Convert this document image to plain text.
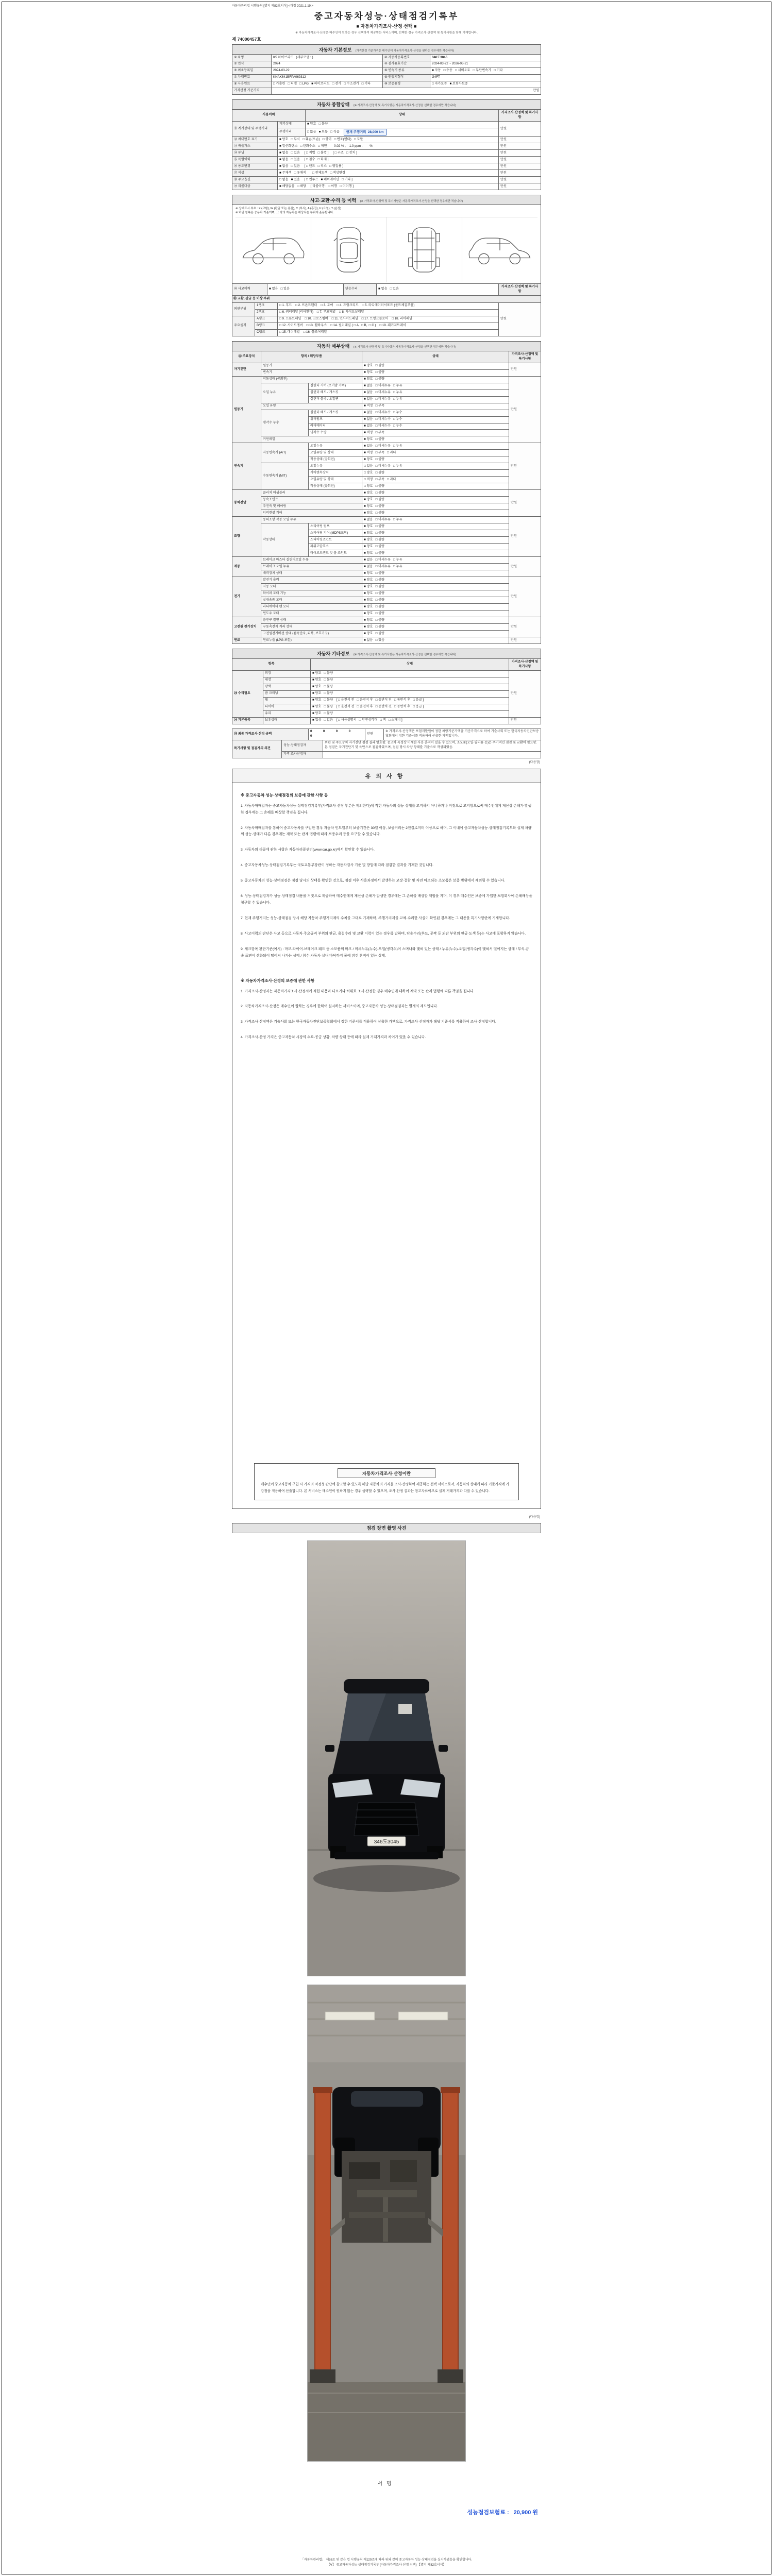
자동차관리법 시행규칙 [별지 제82호서식] <개정 2021.1.19.>
중고자동차성능·상태점검기록부
■ 자동차가격조사·산정 선택 ■
※ 자동차가격조사·산정은 매수인이 원하는 경우 선택하여 제공받는 서비스이며, 선택한 경우 가격조사·산정액 및 특기사항을 함께 기재합니다.
제 74000457호
자동차 기본정보 (가격산정 기준가격은 매수인이 자동차가격조사·산정을 원하는 경우에만 적습니다)
① 차명	K5 하이브리드   (세부모델 : )	② 자동차등록번호	346도3045
③ 연식	2024	④ 검사유효기간	2024-03-22 ~ 2026-03-21
⑤ 최초등록일	2024-03-22	⑥ 변속기 종류	■ 자동   □ 수동   □ 세미오토   □ 무단변속기   □ 기타
⑦ 차대번호	KNAK641BFPA069312	⑧ 원동기형식	G4FT
⑨ 사용연료	□ 가솔린   □ 디젤   □ LPG   ■ 하이브리드   □ 전기   □ 수소전기   □ 기타	⑩ 보증유형	□ 자가보증   ■ 보험사보증
가격산정 기준가격	만원		
자동차 종합상태 (※ 가격조사·산정액 및 특기사항은 자동차가격조사·산정을 선택한 경우에만 적습니다)
사용이력		상태	가격조사·산정액 및 특기사항
⑪ 계기상태 및 주행거리	계기상태	■ 양호   □ 불량	만원
	주행거리	□ 많음   ■ 보통   □ 적음 현재 주행거리  28,000 km	
⑫ 차대번호 표기	■ 양호   □ 부식   □ 훼손(오손)   □ 상이   □ 변조(변타)   □ 도말		만원
⑬ 배출가스	■ 일산화탄소   □ 탄화수소   □ 매연        0.02 % ,    1.0 ppm ,        %		만원
⑭ 튜닝	■ 없음   □ 있음     [ □ 적법   □ 불법 ]     [ □ 구조   □ 장치 ]		만원
⑮ 특별이력	■ 없음   □ 있음     [ □ 침수   □ 화재 ]		만원
⑯ 용도변경	■ 없음   □ 있음     [ □ 렌트   □ 리스   □ 영업용 ]		만원
⑰ 색상	■ 무채색   □ 유채색       □ 전체도색   □ 색상변경		만원
⑱ 주요옵션	□ 없음   ■ 있음     [ □ 썬루프   ■ 네비게이션   □ 기타 ]		만원
⑲ 리콜대상	■ 해당없음   □ 해당     [ 리콜이행 :  □ 이행   □ 미이행 ]		만원
사고·교환·수리 등 이력 (※ 가격조사·산정액 및 특기사항은 자동차가격조사·산정을 선택한 경우에만 적습니다)
※ 상태표시 부호 : X (교환), W (판금 또는 용접), C (부식), A (흠집), U (요철), T (손상)
※ 하단 항목은 승용차 기준이며, 그 밖의 자동차는 해당되는 부위에 준용합니다.
⑳ 사고이력	■ 없음   □ 있음	단순수리	■ 없음   □ 있음	가격조사·산정액 및 특기사항
㉑ 교환, 판금 등 이상 부위			
외판부위	1랭크	□ 1. 후드    □ 2. 프론트휀더    □ 3. 도어    □ 4. 트렁크리드    □ 5. 라디에이터서포트 (볼트체결부품)	만원
	2랭크	□ 6. 쿼터패널 (리어휀더)    □ 7. 루프패널    □ 8. 사이드실패널	
주요골격	A랭크	□ 9. 프론트패널    □ 10. 크로스멤버    □ 11. 인사이드패널    □ 17. 트렁크플로어    □ 18. 리어패널	
	B랭크	□ 12. 사이드멤버    □ 13. 휠하우스    □ 14. 필러패널 ( □ A,  □ B,  □ C )    □ 19. 패키지트레이	
	C랭크	□ 15. 대쉬패널    □ 16. 플로어패널	
자동차 세부상태 (※ 가격조사·산정액 및 특기사항은 자동차가격조사·산정을 선택한 경우에만 적습니다)
㉒ 주요장치	항목 / 해당부품		상태	가격조사·산정액 및 특기사항
자기진단	원동기		■ 양호   □ 불량	만원
	변속기		■ 양호   □ 불량	
원동기	작동상태 (공회전)		■ 양호   □ 불량	만원
	오일 누유	실린더 커버 (로커암 커버)	■ 없음   □ 미세누유   □ 누유	
		실린더 헤드 / 개스킷	■ 없음   □ 미세누유   □ 누유	
		실린더 블록 / 오일팬	■ 없음   □ 미세누유   □ 누유	
	오일 유량		■ 적정   □ 부족	
	냉각수 누수	실린더 헤드 / 개스킷	■ 없음   □ 미세누수   □ 누수	
		워터펌프	■ 없음   □ 미세누수   □ 누수	
		라디에이터	■ 없음   □ 미세누수   □ 누수	
		냉각수 수량	■ 적정   □ 부족	
	커먼레일		■ 양호   □ 불량	
변속기	자동변속기 (A/T)	오일누유	■ 없음   □ 미세누유   □ 누유	만원
		오일유량 및 상태	■ 적정   □ 부족   □ 과다	
		작동상태 (공회전)	■ 양호   □ 불량	
	수동변속기 (M/T)	오일누유	□ 없음   □ 미세누유   □ 누유	
		기어변속장치	□ 양호   □ 불량	
		오일유량 및 상태	□ 적정   □ 부족   □ 과다	
		작동상태 (공회전)	□ 양호   □ 불량	
동력전달	클러치 어셈블리		■ 양호   □ 불량	만원
	등속조인트		■ 양호   □ 불량	
	추진축 및 베어링		■ 양호   □ 불량	
	디퍼렌셜 기어		■ 양호   □ 불량	
조향	동력조향 작동 오일 누유		■ 없음   □ 미세누유   □ 누유	만원
	작동상태	스티어링 펌프	■ 양호   □ 불량	
		스티어링 기어 (MDPS포함)	■ 양호   □ 불량	
		스티어링조인트	■ 양호   □ 불량	
		파워고압호스	■ 양호   □ 불량	
		타이로드엔드 및 볼 조인트	■ 양호   □ 불량	
제동	브레이크 마스터 실린더오일 누유		■ 없음   □ 미세누유   □ 누유	만원
	브레이크 오일 누유		■ 없음   □ 미세누유   □ 누유	
	배력장치 상태		■ 양호   □ 불량	
전기	발전기 출력		■ 양호   □ 불량	만원
	시동 모터		■ 양호   □ 불량	
	와이퍼 모터 기능		■ 양호   □ 불량	
	실내송풍 모터		■ 양호   □ 불량	
	라디에이터 팬 모터		■ 양호   □ 불량	
	윈도우 모터		■ 양호   □ 불량	
고전원 전기장치	충전구 절연 상태		■ 양호   □ 불량	만원
	구동축전지 격리 상태		■ 양호   □ 불량	
	고전원전기배선 상태 (접속단자, 피복, 보호기구)		■ 양호   □ 불량	
연료	연료누출 (LPG 포함)		■ 없음   □ 있음	만원
자동차 기타정보 (※ 가격조사·산정액 및 특기사항은 자동차가격조사·산정을 선택한 경우에만 적습니다)
항목		상태	가격조사·산정액 및 특기사항
㉓ 수리필요	외장	■ 양호   □ 불량	만원
	내장	■ 양호   □ 불량	
	광택	■ 양호   □ 불량	
	룸 크리닝	■ 양호   □ 불량	
	휠	■ 양호   □ 불량    [ □ 운전석 전   □ 운전석 후   □ 동반석 전   □ 동반석 후   □ 응급 ]	
	타이어	■ 양호   □ 불량    [ □ 운전석 전   □ 운전석 후   □ 동반석 전   □ 동반석 후   □ 응급 ]	
	유리	■ 양호   □ 불량	
㉔ 기본품목	보유상태	■ 있음   □ 없음    [ □ 사용설명서   □ 안전삼각대   □ 잭   □ 스패너 ]	만원
㉕ 최종 가격조사·산정 금액	0  0  0  0  0	만원	※ 가격조사·산정액은 보험개발원이 정한 차량기준가액을 기준가격으로 하여 기술사회 또는 한국자동차진단보증협회에서 정한 기준서를 적용하여 산출한 가액입니다.
특기사항 및 점검자의 의견	성능·상태점검자	외관 및 주요장치 자기진단 점검 결과 양호함. 중고차 특성상 미세한 사용 흔적이 있을 수 있으며, 소모품(오일·필터류 등)은 주기적인 점검 및 교환이 필요함. 본 점검은 자기진단기 및 육안으로 점검하였으며, 점검 당시 차량 상태를 기준으로 작성되었음.
	가격·조사산정자	
(다음장)
유의사항

※ 중고자동차 성능·상태점검의 보증에 관한 사항 등

1. 자동차매매업자는 중고자동차성능·상태점검기록부(가격조사·산정 부분은 제외한다)에 적힌 자동차의 성능·상태를 고지하지 아니하거나 거짓으로 고지함으로써 매수인에게 재산상 손해가 발생한 경우에는 그 손해를 배상할 책임을 집니다.
2. 자동차매매업자를 통하여 중고자동차를 구입한 경우 자동차 인도일부터 보증기간은 30일 이상, 보증거리는 2천킬로미터 이상으로 하며, 그 이내에 중고자동차성능·상태점검기록부와 실제 차량의 성능·상태가 다른 경우에는 계약 또는 관계 법령에 따라 보증수리 등을 요구할 수 있습니다.
3. 자동차의 리콜에 관한 사항은 자동차리콜센터(www.car.go.kr)에서 확인할 수 있습니다.
4. 중고자동차성능·상태점검기록부는 국토교통부장관이 정하는 자동차검사 기준 및 방법에 따라 점검한 결과를 기재한 것입니다.
5. 중고자동차의 성능·상태점검은 점검 당시의 상태를 확인한 것으로, 점검 이후 사용과정에서 발생하는 고장·결함 및 자연 마모되는 소모품은 보증 범위에서 제외될 수 있습니다.
6. 성능·상태점검자가 성능·상태점검 내용을 거짓으로 제공하여 매수인에게 재산상 손해가 발생한 경우에는 그 손해를 배상할 책임을 지며, 이 경우 매수인은 보증에 가입한 보험회사에 손해배상을 청구할 수 있습니다.
7. 현재 주행거리는 성능·상태점검 당시 해당 자동차 주행거리계의 수치를 그대로 기재하며, 주행거리계를 교체·수리한 사실이 확인된 경우에는 그 내용을 특기사항란에 기재합니다.
8. 사고이력의 판단은 사고 등으로 자동차 주요골격 부위의 판금, 용접수리 및 교환 이력이 있는 경우를 말하며, 단순수리(후드, 문짝 등 외판 부위의 판금·도색 등)는 사고에 포함하지 않습니다.
9. 체크항목 판단기준(예시) : 마모-타이어·브레이크 패드 등 소모품의 마모 / 미세누유(누수)-오일(냉각수)이 스며나와 맺혀 있는 상태 / 누유(누수)-오일(냉각수)이 맺혀서 떨어지는 상태 / 부식-금속 표면이 산화되어 떨어져 나가는 상태 / 침수-자동차 실내 바닥까지 물에 잠긴 흔적이 있는 상태.

※ 자동차가격조사·산정의 보증에 관한 사항

1. 가격조사·산정자는 자동차가격조사·산정서에 적힌 내용과 다르거나 허위로 조사·산정한 경우 매수인에 대하여 계약 또는 관계 법령에 따른 책임을 집니다.
2. 자동차가격조사·산정은 매수인이 원하는 경우에 한하여 실시하는 서비스이며, 중고자동차 성능·상태점검과는 별개의 제도입니다.
3. 가격조사·산정액은 기술사회 또는 한국자동차진단보증협회에서 정한 기준서를 적용하여 산출한 가액으로, 가격조사·산정자가 해당 기준서를 적용하여 조사·산정합니다.
4. 가격조사·산정 가격은 중고자동차 시장의 수요·공급 상황, 차량 상태 등에 따라 실제 거래가격과 차이가 있을 수 있습니다.
자동차가격조사·산정이란

매수인이 중고자동차 구입 시 가격의 적정성 판단에 참고할 수 있도록 해당 자동차의 가격을 조사·산정하여 제공하는 선택 서비스로서, 자동차의 상태에 따라 기준가격에 가감점을 적용하여 산출합니다. 본 서비스는 매수인이 원하지 않는 경우 생략할 수 있으며, 조사·산정 결과는 참고자료이므로 실제 거래가격과 다를 수 있습니다.

(다음장)
점검 장면 촬영 사진
346도3045
서명
성능점검보험료 : 20,900 원
「자동차관리법」 제58조 및 같은 법 시행규칙 제120조에 따라 위와 같이 중고자동차 성능·상태점검을 실시하였음을 확인합니다.
【Ⅴ】 중고자동차성능·상태점검기록부 (자동차가격조사·산정 선택) 【별지 제82호서식】
